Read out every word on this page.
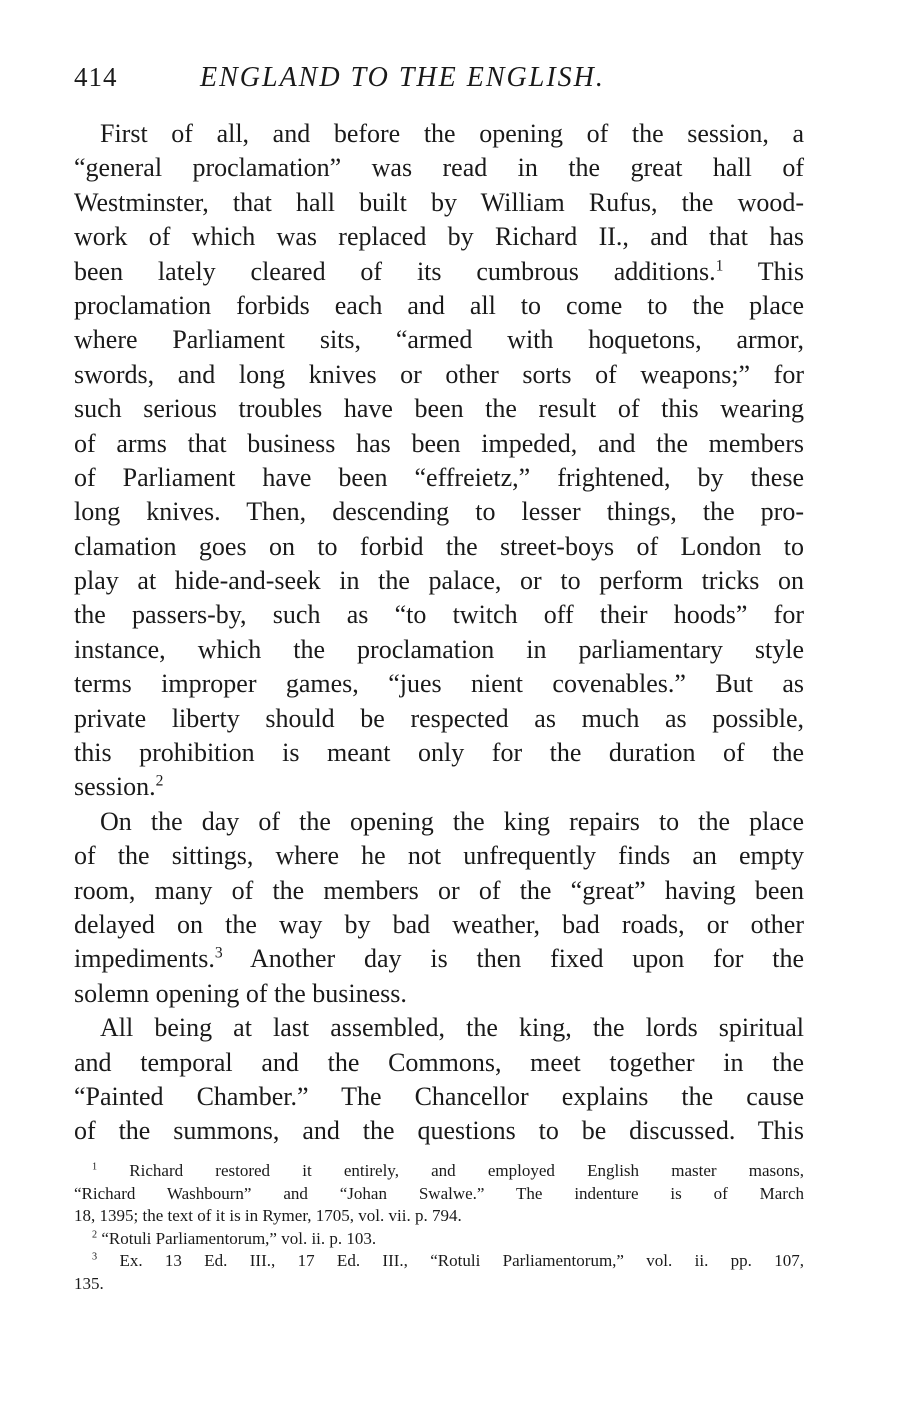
414	ENGLAND TO THE ENGLISH.
First of all, and before the opening of the session, a
“general proclamation” was read in the great hall of
Westminster, that hall built by William Rufus, the wood-
work of which was replaced by Richard II., and that has
been lately cleared of its cumbrous additions.$^1$ This
proclamation forbids each and all to come to the place
where Parliament sits, “armed with hoquetons, armor,
swords, and long knives or other sorts of weapons;” for
such serious troubles have been the result of this wearing
of arms that business has been impeded, and the members
of Parliament have been “effreietz,” frightened, by these
long knives. Then, descending to lesser things, the pro-
clamation goes on to forbid the street-boys of London to
play at hide-and-seek in the palace, or to perform tricks on
the passers-by, such as “to twitch off their hoods” for
instance, which the proclamation in parliamentary style
terms improper games, “jues nient covenables.” But as
private liberty should be respected as much as possible,
this prohibition is meant only for the duration of the
session.$^2$
On the day of the opening the king repairs to the place
of the sittings, where he not unfrequently finds an empty
room, many of the members or of the “great” having been
delayed on the way by bad weather, bad roads, or other
impediments.$^3$ Another day is then fixed upon for the
solemn opening of the business.
All being at last assembled, the king, the lords spiritual
and temporal and the Commons, meet together in the
“Painted Chamber.” The Chancellor explains the cause
of the summons, and the questions to be discussed. This
$^1$ Richard restored it entirely, and employed English master masons,
“Richard Washbourn” and “Johan Swalwe.” The indenture is of March
18, 1395; the text of it is in Rymer, 1705, vol. vii. p. 794.
$^2$ “Rotuli Parliamentorum,” vol. ii. p. 103.
$^3$ Ex. 13 Ed. III., 17 Ed. III., “Rotuli Parliamentorum,” vol. ii. pp. 107,
135.
